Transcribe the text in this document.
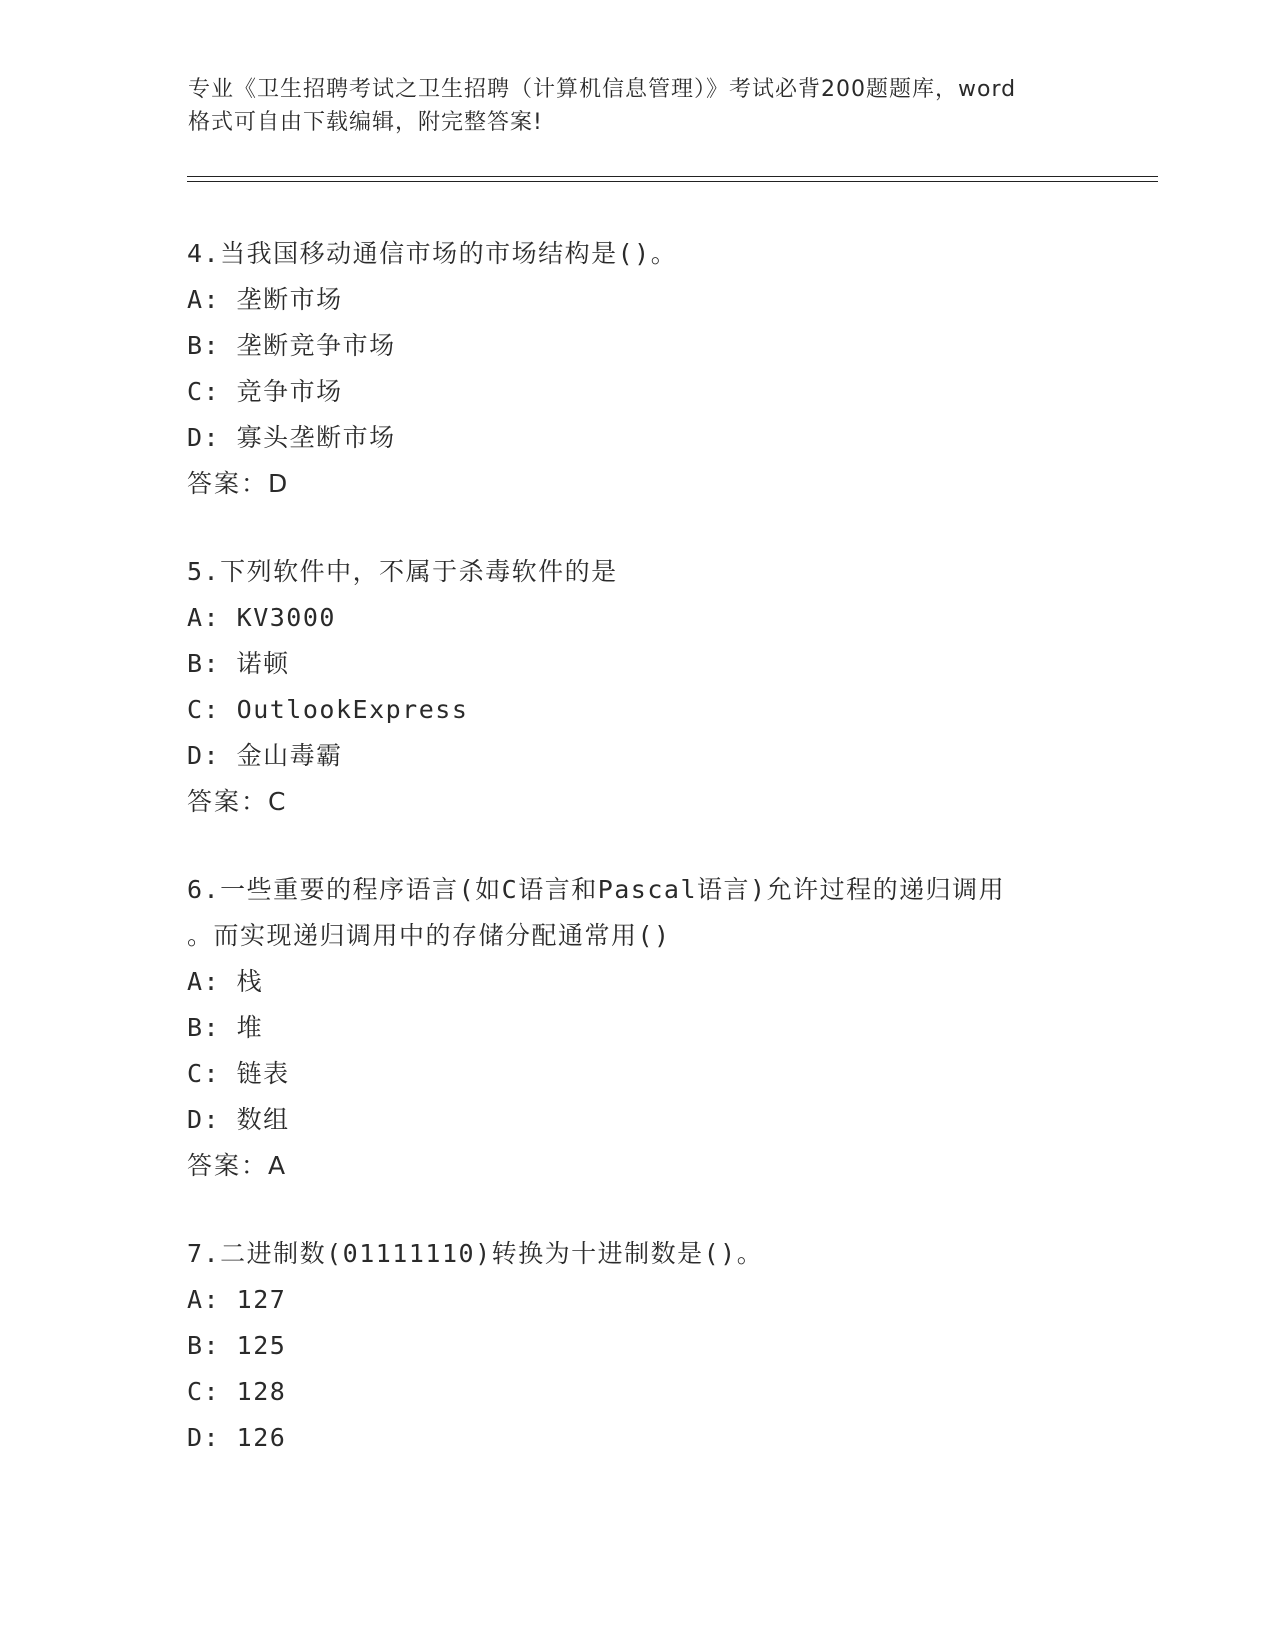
专业《卫生招聘考试之卫生招聘（计算机信息管理）》考试必背200题题库，word
格式可自由下载编辑，附完整答案!
4.当我国移动通信市场的市场结构是()。
A: 垄断市场
B: 垄断竞争市场
C: 竞争市场
D: 寡头垄断市场
答案：D
5.下列软件中，不属于杀毒软件的是
A: KV3000
B: 诺顿
C: OutlookExpress
D: 金山毒霸
答案：C
6.一些重要的程序语言(如C语言和Pascal语言)允许过程的递归调用
。而实现递归调用中的存储分配通常用()
A: 栈
B: 堆
C: 链表
D: 数组
答案：A
7.二进制数(01111110)转换为十进制数是()。
A: 127
B: 125
C: 128
D: 126
